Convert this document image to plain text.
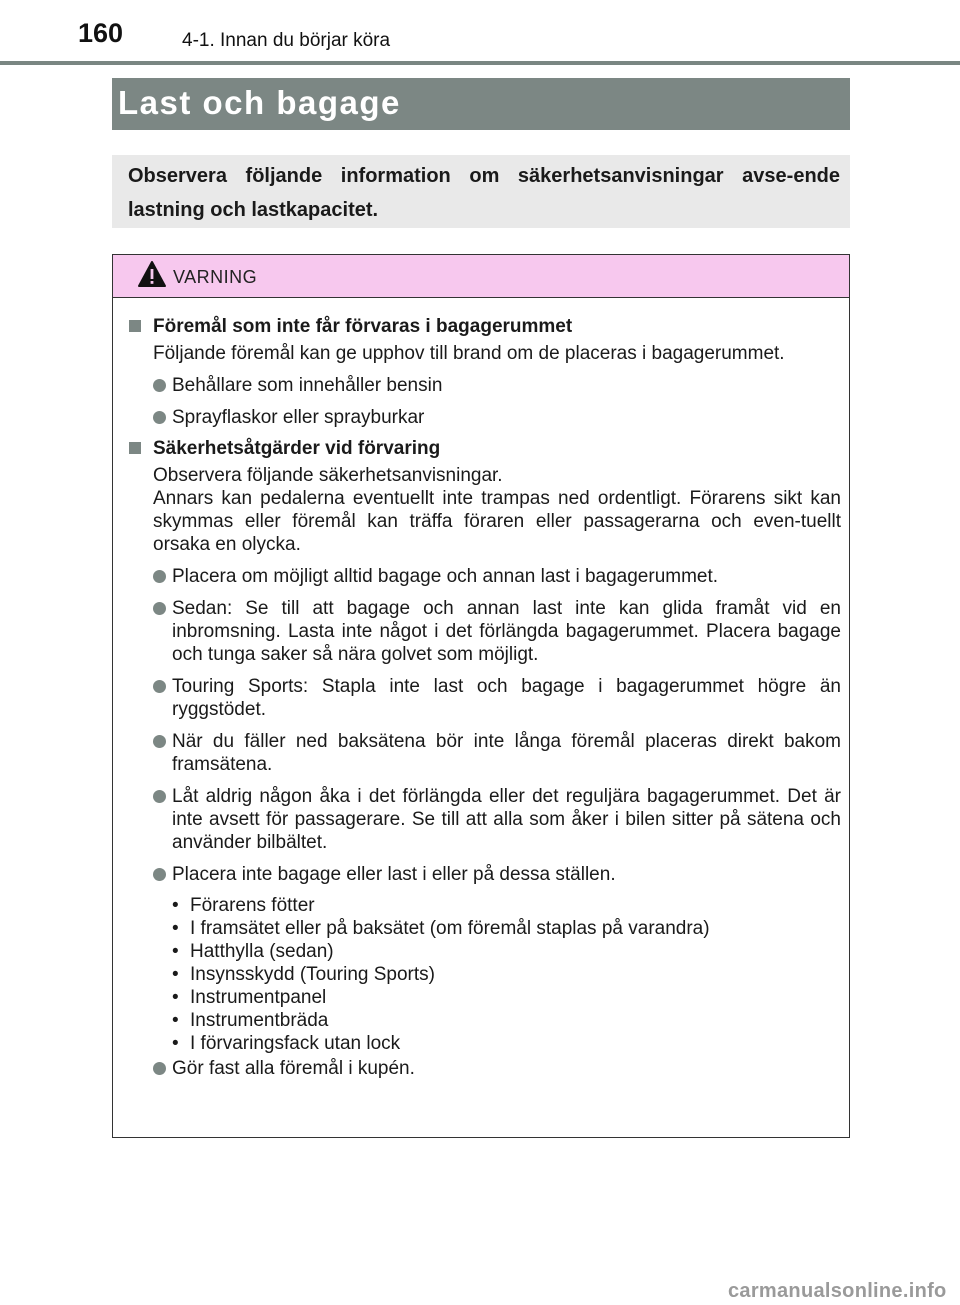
160	4-1. Innan du börjar köra
Last och bagage
Observera följande information om säkerhetsanvisningar avse-ende lastning och lastkapacitet.
VARNING
Föremål som inte får förvaras i bagagerummet
Följande föremål kan ge upphov till brand om de placeras i bagagerummet.
Behållare som innehåller bensin
Sprayflaskor eller sprayburkar
Säkerhetsåtgärder vid förvaring
Observera följande säkerhetsanvisningar.
Annars kan pedalerna eventuellt inte trampas ned ordentligt. Förarens sikt kan skymmas eller föremål kan träffa föraren eller passagerarna och even-tuellt orsaka en olycka.
Placera om möjligt alltid bagage och annan last i bagagerummet.
Sedan: Se till att bagage och annan last inte kan glida framåt vid en inbromsning. Lasta inte något i det förlängda bagagerummet. Placera bagage och tunga saker så nära golvet som möjligt.
Touring Sports: Stapla inte last och bagage i bagagerummet högre än ryggstödet.
När du fäller ned baksätena bör inte långa föremål placeras direkt bakom framsätena.
Låt aldrig någon åka i det förlängda eller det reguljära bagagerummet. Det är inte avsett för passagerare. Se till att alla som åker i bilen sitter på sätena och använder bilbältet.
Placera inte bagage eller last i eller på dessa ställen.
• Förarens fötter
• I framsätet eller på baksätet (om föremål staplas på varandra)
• Hatthylla (sedan)
• Insynsskydd (Touring Sports)
• Instrumentpanel
• Instrumentbräda
• I förvaringsfack utan lock
Gör fast alla föremål i kupén.
carmanualsonline.info
